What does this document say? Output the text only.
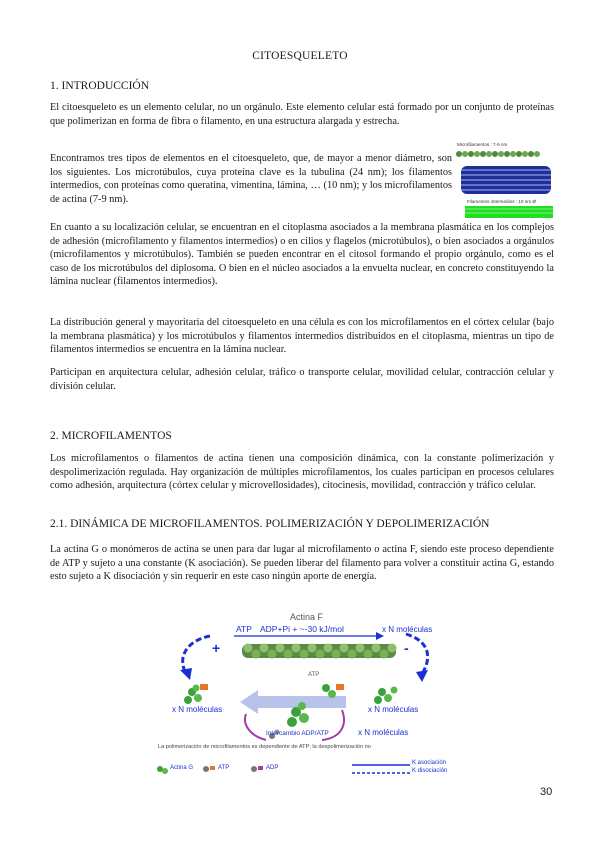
CITOESQUELETO
1. INTRODUCCIÓN

El citoesqueleto es un elemento celular, no un orgánulo. Este elemento celular está formado por un conjunto de proteínas que polimerizan en forma de fibra o filamento, en una estructura alargada y estrecha.

Encontramos tres tipos de elementos en el citoesqueleto, que, de mayor a menor diámetro, son los siguientes. Los microtúbulos, cuya proteína clave es la tubulina (24 nm); los filamentos intermedios, con proteínas como queratina, vimentina, lámina, … (10 nm); y los microfilamentos de actina (7-9 nm).

En cuanto a su localización celular, se encuentran en el citoplasma asociados a la membrana plasmática en los complejos de adhesión (microfilamento y filamentos intermedios) o en cilios y flagelos (microtúbulos), o bien asociados a orgánulos (microfilamentos y microtúbulos). También se pueden encontrar en el citosol formando el propio orgánulo, como es el caso de los microtúbulos del diplosoma. O bien en el núcleo asociados a la envuelta nuclear, en concreto constituyendo la lámina nuclear (filamentos intermedios).

La distribución general y mayoritaria del citoesqueleto en una célula es con los microfilamentos en el córtex celular (bajo la membrana plasmática) y los microtúbulos y filamentos intermedios distribuidos en el citoplasma, mientras un tipo de filamentos intermedios se encuentra en la lámina nuclear.

Participan en arquitectura celular, adhesión celular, tráfico o transporte celular, movilidad celular, contracción celular y división celular.

Microfilamentos : 7-9 nm
Microtúbulos : 24 nm Ø
Filamentos intermedios : 10 nm Ø
2. MICROFILAMENTOS

Los microfilamentos o filamentos de actina tienen una composición dinámica, con la constante polimerización y despolimerización regulada. Hay organización de múltiples microfilamentos, los cuales participan en procesos celulares como adhesión, arquitectura (córtex celular y microvellosidades), citocinesis, movilidad, contracción y tráfico celular.

2.1. DINÁMICA DE MICROFILAMENTOS. POLIMERIZACIÓN Y DEPOLIMERIZACIÓN

La actina G o monómeros de actina se unen para dar lugar al microfilamento o actina F, siendo este proceso dependiente de ATP y sujeto a una constante (K asociación). Se pueden liberar del filamento para volver a constituir actina G, estando esto sujeto a K disociación y sin requerir en este caso ningún aporte de energía.

Actina F
ATP ADP+Pi + ~-30 kJ/mol	x N moléculas
+	-
ATP
x N moléculas	x N moléculas
Intercambio ADP/ATP	x N moléculas
La polimerización de microfilamentos es dependiente de ATP; la despolimerización no
Actina G	ATP	ADP
K asociación
K disociación
30
